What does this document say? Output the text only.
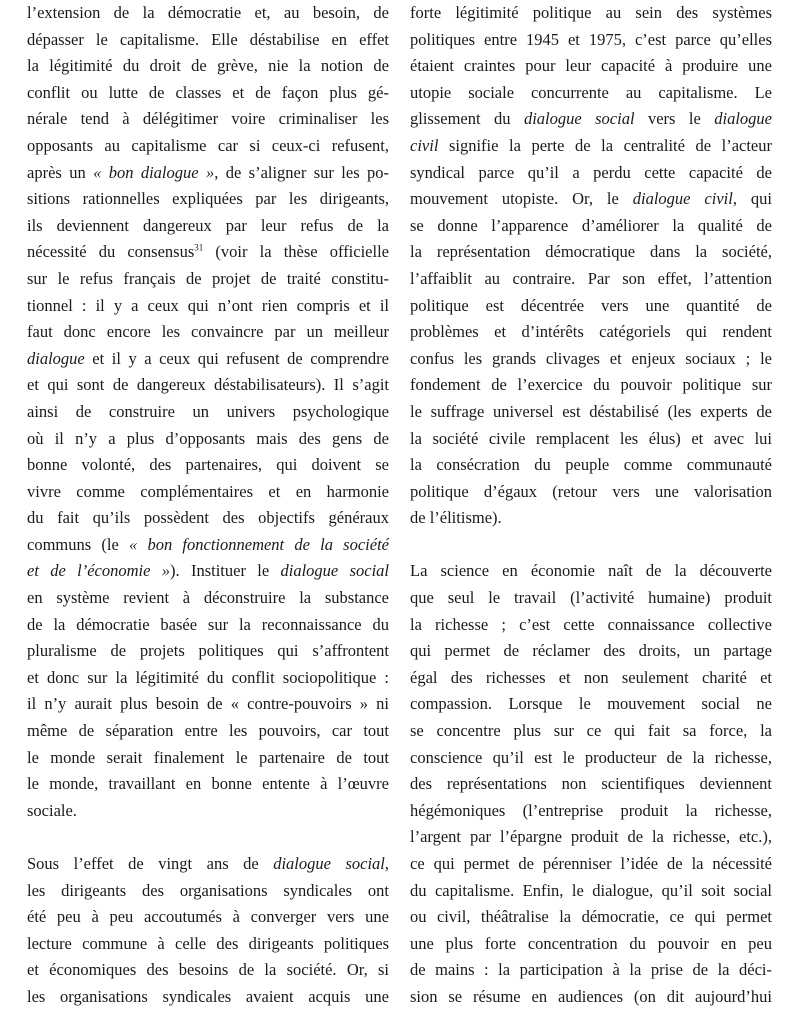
l’extension de la démocratie et, au besoin, de
dépasser le capitalisme. Elle déstabilise en effet
la légitimité du droit de grève, nie la notion de
conflit ou lutte de classes et de façon plus gé-
nérale tend à délégitimer voire criminaliser les
opposants au capitalisme car si ceux-ci refusent,
après un « bon dialogue », de s’aligner sur les po-
sitions rationnelles expliquées par les dirigeants,
ils deviennent dangereux par leur refus de la
nécessité du consensus$^{31}$ (voir la thèse officielle
sur le refus français de projet de traité constitu-
tionnel : il y a ceux qui n’ont rien compris et il
faut donc encore les convaincre par un meilleur
dialogue et il y a ceux qui refusent de comprendre
et qui sont de dangereux déstabilisateurs). Il s’agit
ainsi de construire un univers psychologique
où il n’y a plus d’opposants mais des gens de
bonne volonté, des partenaires, qui doivent se
vivre comme complémentaires et en harmonie
du fait qu’ils possèdent des objectifs généraux
communs (le « bon fonctionnement de la société
et de l’économie »). Instituer le dialogue social
en système revient à déconstruire la substance
de la démocratie basée sur la reconnaissance du
pluralisme de projets politiques qui s’affrontent
et donc sur la légitimité du conflit sociopolitique :
il n’y aurait plus besoin de « contre-pouvoirs » ni
même de séparation entre les pouvoirs, car tout
le monde serait finalement le partenaire de tout
le monde, travaillant en bonne entente à l’œuvre
sociale.
Sous l’effet de vingt ans de dialogue social,
les dirigeants des organisations syndicales ont
été peu à peu accoutumés à converger vers une
lecture commune à celle des dirigeants politiques
et économiques des besoins de la société. Or, si
les organisations syndicales avaient acquis une
forte légitimité politique au sein des systèmes
politiques entre 1945 et 1975, c’est parce qu’elles
étaient craintes pour leur capacité à produire une
utopie sociale concurrente au capitalisme. Le
glissement du dialogue social vers le dialogue
civil signifie la perte de la centralité de l’acteur
syndical parce qu’il a perdu cette capacité de
mouvement utopiste. Or, le dialogue civil, qui
se donne l’apparence d’améliorer la qualité de
la représentation démocratique dans la société,
l’affaiblit au contraire. Par son effet, l’attention
politique est décentrée vers une quantité de
problèmes et d’intérêts catégoriels qui rendent
confus les grands clivages et enjeux sociaux ; le
fondement de l’exercice du pouvoir politique sur
le suffrage universel est déstabilisé (les experts de
la société civile remplacent les élus) et avec lui
la consécration du peuple comme communauté
politique d’égaux (retour vers une valorisation
de l’élitisme).
La science en économie naît de la découverte
que seul le travail (l’activité humaine) produit
la richesse ; c’est cette connaissance collective
qui permet de réclamer des droits, un partage
égal des richesses et non seulement charité et
compassion. Lorsque le mouvement social ne
se concentre plus sur ce qui fait sa force, la
conscience qu’il est le producteur de la richesse,
des représentations non scientifiques deviennent
hégémoniques (l’entreprise produit la richesse,
l’argent par l’épargne produit de la richesse, etc.),
ce qui permet de pérenniser l’idée de la nécessité
du capitalisme. Enfin, le dialogue, qu’il soit social
ou civil, théâtralise la démocratie, ce qui permet
une plus forte concentration du pouvoir en peu
de mains : la participation à la prise de la déci-
sion se résume en audiences (on dit aujourd’hui
